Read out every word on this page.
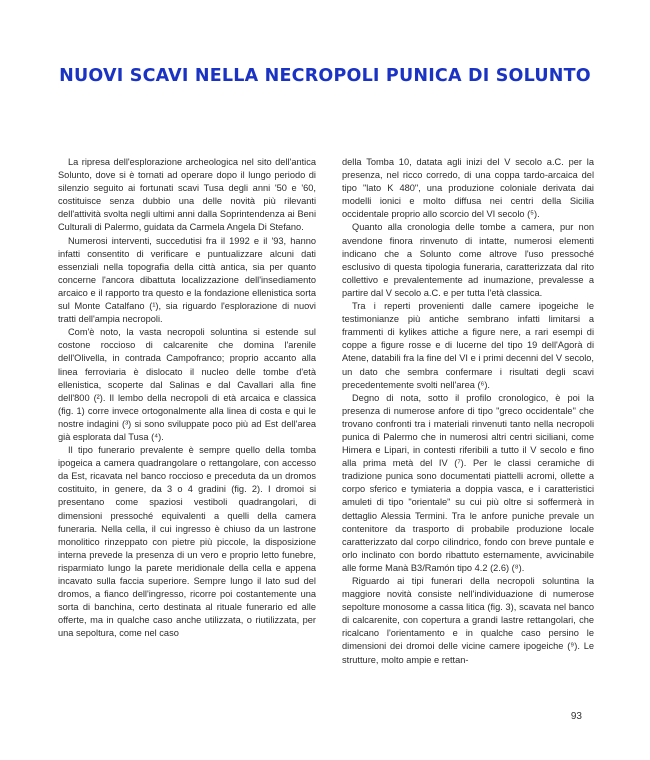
NUOVI SCAVI NELLA NECROPOLI PUNICA DI SOLUNTO

La ripresa dell'esplorazione archeologica nel sito dell'antica Solunto, dove si è tornati ad operare dopo il lungo periodo di silenzio seguito ai fortunati scavi Tusa degli anni '50 e '60, costituisce senza dubbio una delle novità più rilevanti dell'attività svolta negli ultimi anni dalla Soprintendenza ai Beni Culturali di Palermo, guidata da Carmela Angela Di Stefano.

Numerosi interventi, succedutisi fra il 1992 e il '93, hanno infatti consentito di verificare e puntualizzare alcuni dati essenziali nella topografia della città antica, sia per quanto concerne l'ancora dibattuta localizzazione dell'insediamento arcaico e il rapporto tra questo e la fondazione ellenistica sorta sul Monte Catalfano (¹), sia riguardo l'esplorazione di nuovi tratti dell'ampia necropoli.

Com'è noto, la vasta necropoli soluntina si estende sul costone roccioso di calcarenite che domina l'arenile dell'Olivella, in contrada Campofranco; proprio accanto alla linea ferroviaria è dislocato il nucleo delle tombe d'età ellenistica, scoperte dal Salinas e dal Cavallari alla fine dell'800 (²). Il lembo della necropoli di età arcaica e classica (fig. 1) corre invece ortogonalmente alla linea di costa e qui le nostre indagini (³) si sono sviluppate poco più ad Est dell'area già esplorata dal Tusa (⁴).

Il tipo funerario prevalente è sempre quello della tomba ipogeica a camera quadrangolare o rettangolare, con accesso da Est, ricavata nel banco roccioso e preceduta da un dromos costituito, in genere, da 3 o 4 gradini (fig. 2). I dromoi si presentano come spaziosi vestiboli quadrangolari, di dimensioni pressoché equivalenti a quelli della camera funeraria. Nella cella, il cui ingresso è chiuso da un lastrone monolitico rinzeppato con pietre più piccole, la disposizione interna prevede la presenza di un vero e proprio letto funebre, risparmiato lungo la parete meridionale della cella e appena incavato sulla faccia superiore. Sempre lungo il lato sud del dromos, a fianco dell'ingresso, ricorre poi costantemente una sorta di banchina, certo destinata al rituale funerario ed alle offerte, ma in qualche caso anche utilizzata, o riutilizzata, per una sepoltura, come nel caso

della Tomba 10, datata agli inizi del V secolo a.C. per la presenza, nel ricco corredo, di una coppa tardo-arcaica del tipo "lato K 480", una produzione coloniale derivata dai modelli ionici e molto diffusa nei centri della Sicilia occidentale proprio allo scorcio del VI secolo (⁵).

Quanto alla cronologia delle tombe a camera, pur non avendone finora rinvenuto di intatte, numerosi elementi indicano che a Solunto come altrove l'uso pressoché esclusivo di questa tipologia funeraria, caratterizzata dal rito collettivo e prevalentemente ad inumazione, prevalesse a partire dal V secolo a.C. e per tutta l'età classica.

Tra i reperti provenienti dalle camere ipogeiche le testimonianze più antiche sembrano infatti limitarsi a frammenti di kylikes attiche a figure nere, a rari esempi di coppe a figure rosse e di lucerne del tipo 19 dell'Agorà di Atene, databili fra la fine del VI e i primi decenni del V secolo, un dato che sembra confermare i risultati degli scavi precedentemente svolti nell'area (⁶).

Degno di nota, sotto il profilo cronologico, è poi la presenza di numerose anfore di tipo "greco occidentale" che trovano confronti tra i materiali rinvenuti tanto nella necropoli punica di Palermo che in numerosi altri centri siciliani, come Himera e Lipari, in contesti riferibili a tutto il V secolo e fino alla prima metà del IV (⁷). Per le classi ceramiche di tradizione punica sono documentati piattelli acromi, ollette a corpo sferico e tymiateria a doppia vasca, e i caratteristici amuleti di tipo "orientale" su cui più oltre si soffermerà in dettaglio Alessia Termini. Tra le anfore puniche prevale un contenitore da trasporto di probabile produzione locale caratterizzato dal corpo cilindrico, fondo con breve puntale e orlo inclinato con bordo ribattuto esternamente, avvicinabile alle forme Manà B3/Ramón tipo 4.2 (2.6) (⁸).

Riguardo ai tipi funerari della necropoli soluntina la maggiore novità consiste nell'individuazione di numerose sepolture monosome a cassa litica (fig. 3), scavata nel banco di calcarenite, con copertura a grandi lastre rettangolari, che ricalcano l'orientamento e in qualche caso persino le dimensioni dei dromoi delle vicine camere ipogeiche (⁹). Le strutture, molto ampie e rettan-

93
